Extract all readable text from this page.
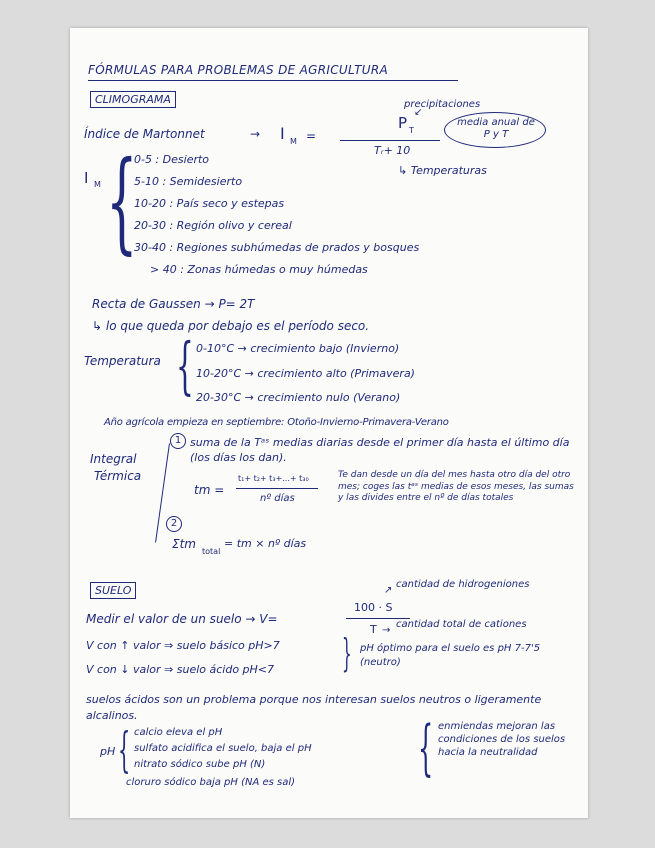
FÓRMULAS PARA PROBLEMAS DE AGRICULTURA
CLIMOGRAMA
Índice de Martonnet	→ I M =
P T
Tᵣ+ 10
precipitaciones
↙
media anual de P y T
↳ Temperaturas
I M {
0-5 : Desierto
5-10 : Semidesierto
10-20 : País seco y estepas
20-30 : Región olivo y cereal
30-40 : Regiones subhúmedas de prados y bosques
> 40 : Zonas húmedas o muy húmedas
Recta de Gaussen → P= 2T
↳ lo que queda por debajo es el período seco.
Temperatura { 0-10°C → crecimiento bajo (Invierno)
10-20°C → crecimiento alto (Primavera)
20-30°C → crecimiento nulo (Verano)
Año agrícola empieza en septiembre: Otoño-Invierno-Primavera-Verano
Integral
Térmica
1 suma de la Tᵃˢ medias diarias desde el primer día hasta el último día (los días los dan).
tm =
t₁+ t₂+ t₃+...+ t₃₀
nº días
Te dan desde un día del mes hasta otro día del otro mes; coges las tᵃˢ medias de esos meses, las sumas y las divides entre el nº de días totales
2
Σtm
total
= tm × nº días
SUELO	cantidad de hidrogeniones
↗
Medir el valor de un suelo → V=
100 · S
T →
cantidad total de cationes
V con ↑ valor ⇒ suelo básico pH>7
V con ↓ valor ⇒ suelo ácido pH<7 } pH óptimo para el suelo es pH 7-7'5 (neutro)
suelos ácidos son un problema porque nos interesan suelos neutros o ligeramente alcalinos.
pH { calcio eleva el pH
sulfato acidifica el suelo, baja el pH
nitrato sódico sube pH (N)
cloruro sódico baja pH (NA es sal) { enmiendas mejoran las condiciones de los suelos hacia la neutralidad
